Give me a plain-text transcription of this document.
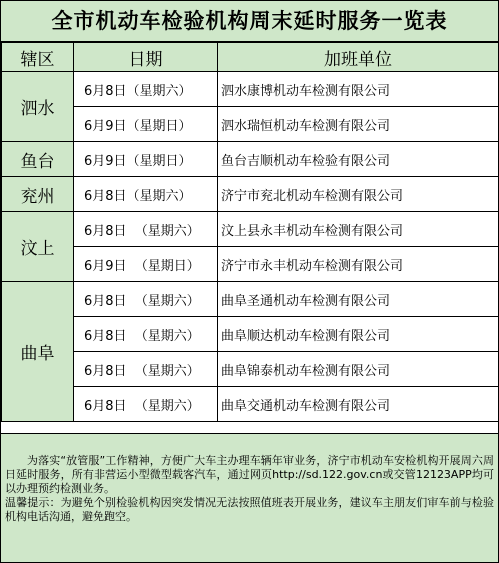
全市机动车检验机构周末延时服务一览表
辖区	日期	加班单位
泗水	6月8日（星期六）	泗水康博机动车检测有限公司
	6月9日（星期日）	泗水瑞恒机动车检测有限公司
鱼台	6月9日（星期日）	鱼台吉顺机动车检验有限公司
兖州	6月8日（星期六）	济宁市兖北机动车检测有限公司
汶上	6月8日  （星期六）	汶上县永丰机动车检测有限公司
	6月9日  （星期日）	济宁市永丰机动车检测有限公司
曲阜	6月8日  （星期六）	曲阜圣通机动车检测有限公司
	6月8日  （星期六）	曲阜顺达机动车检测有限公司
	6月8日  （星期六）	曲阜锦泰机动车检测有限公司
	6月8日  （星期六）	曲阜交通机动车检测有限公司

为落实“放管服”工作精神，方便广大车主办理车辆年审业务，济宁市机动车安检机构开展周六周日延时服务，所有非营运小型微型载客汽车，通过网页http://sd.122.gov.cn或交管12123APP均可以办理预约检测业务。

温馨提示：为避免个别检验机构因突发情况无法按照值班表开展业务，建议车主朋友们审车前与检验机构电话沟通，避免跑空。
